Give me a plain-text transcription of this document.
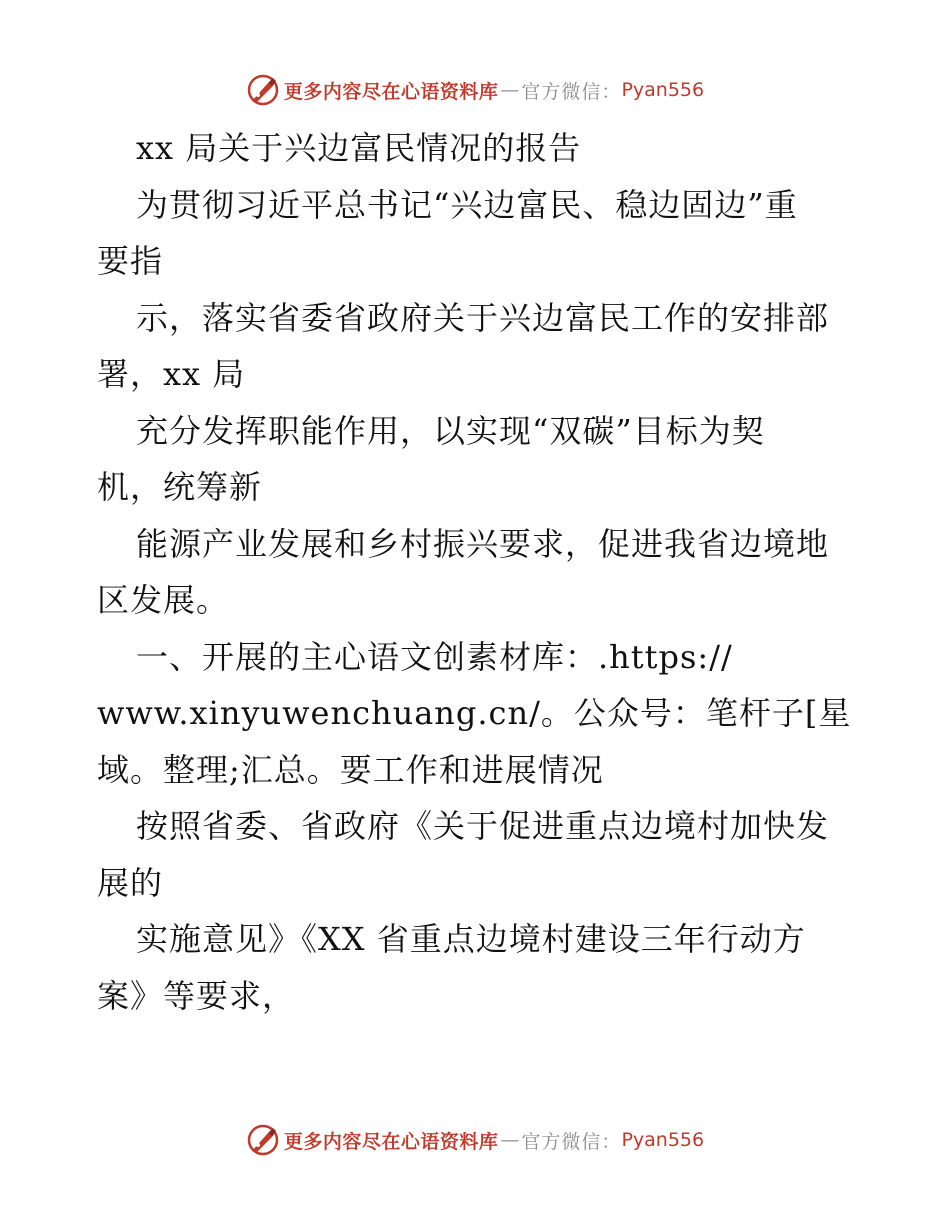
更多内容尽在心语资料库 — 官方微信： Pyan556
xx 局关于兴边富民情况的报告
为贯彻习近平总书记“兴边富民、稳边固边”重
要指
示，落实省委省政府关于兴边富民工作的安排部
署，xx 局
充分发挥职能作用，以实现“双碳”目标为契
机，统筹新
能源产业发展和乡村振兴要求，促进我省边境地
区发展。
一、开展的主心语文创素材库：.https://
www.xinyuwenchuang.cn/。公众号：笔杆子[星
域。整理;汇总。要工作和进展情况
按照省委、省政府《关于促进重点边境村加快发
展的
实施意见》《XX 省重点边境村建设三年行动方
案》等要求，
更多内容尽在心语资料库 — 官方微信： Pyan556
